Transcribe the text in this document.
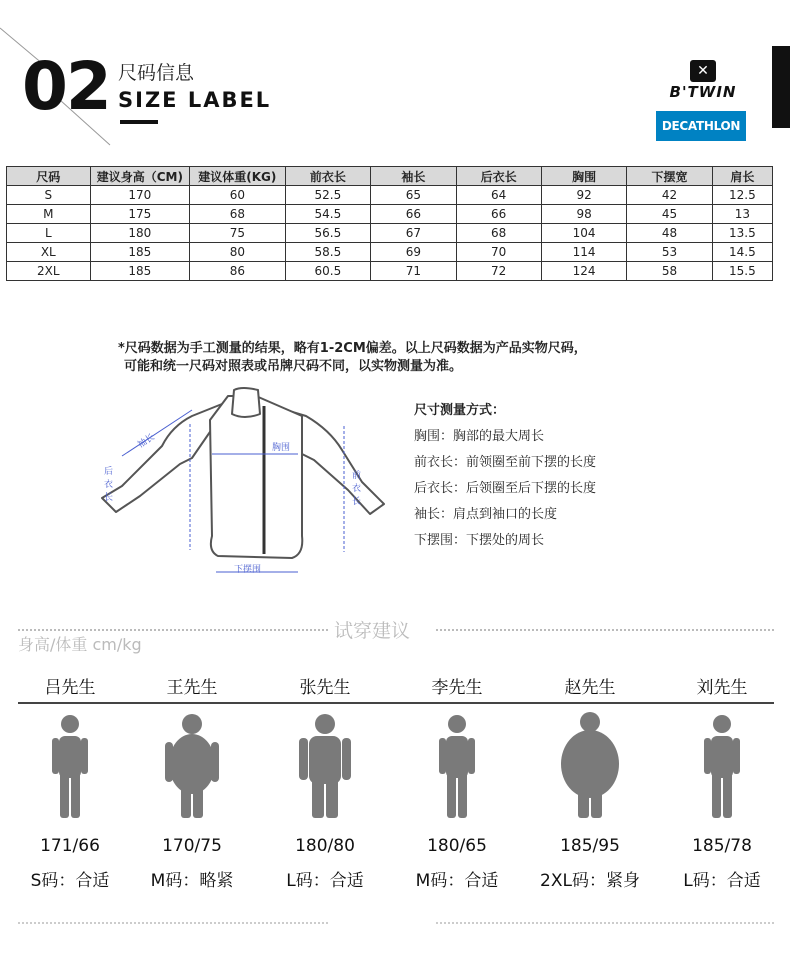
02 尺码信息
SIZE LABEL
✕
B'TWIN
DECATHLON
尺码	建议身高（CM)	建议体重(KG)	前衣长	袖长	后衣长	胸围	下摆宽	肩长
S	170	60	52.5	65	64	92	42	12.5
M	175	68	54.5	66	66	98	45	13
L	180	75	56.5	67	68	104	48	13.5
XL	185	80	58.5	69	70	114	53	14.5
2XL	185	86	60.5	71	72	124	58	15.5
*尺码数据为手工测量的结果，略有1-2CM偏差。以上尺码数据为产品实物尺码，
可能和统一尺码对照表或吊牌尺码不同，以实物测量为准。
袖长	胸围
下摆围
后
衣
长
前
衣
长
尺寸测量方式：
胸围：胸部的最大周长
前衣长：前领圈至前下摆的长度
后衣长：后领圈至后下摆的长度
袖长：肩点到袖口的长度
下摆围：下摆处的周长
试穿建议
身高/体重 cm/kg
吕先生
171/66
S码：合适
王先生
170/75
M码：略紧
张先生
180/80
L码：合适
李先生
180/65
M码：合适
赵先生
185/95
2XL码：紧身
刘先生
185/78
L码：合适
